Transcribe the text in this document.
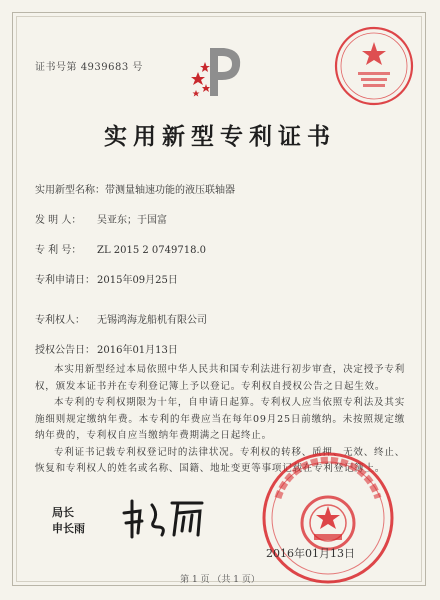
证书号第 4939683 号
实用新型专利证书
实用新型名称：带测量轴速功能的液压联轴器
发 明 人： 吴亚东；于国富
专 利 号： ZL 2015 2 0749718.0
专利申请日： 2015年09月25日
专利权人： 无锡鸿海龙船机有限公司
授权公告日： 2016年01月13日

本实用新型经过本局依照中华人民共和国专利法进行初步审查，决定授予专利权，颁发本证书并在专利登记簿上予以登记。专利权自授权公告之日起生效。

本专利的专利权期限为十年，自申请日起算。专利权人应当依照专利法及其实施细则规定缴纳年费。本专利的年费应当在每年09月25日前缴纳。未按照规定缴纳年费的，专利权自应当缴纳年费期满之日起终止。

专利证书记载专利权登记时的法律状况。专利权的转移、质押、无效、终止、恢复和专利权人的姓名或名称、国籍、地址变更等事项记载在专利登记簿上。

局长
申长雨
2016年01月13日
第 1 页 （共 1 页）
